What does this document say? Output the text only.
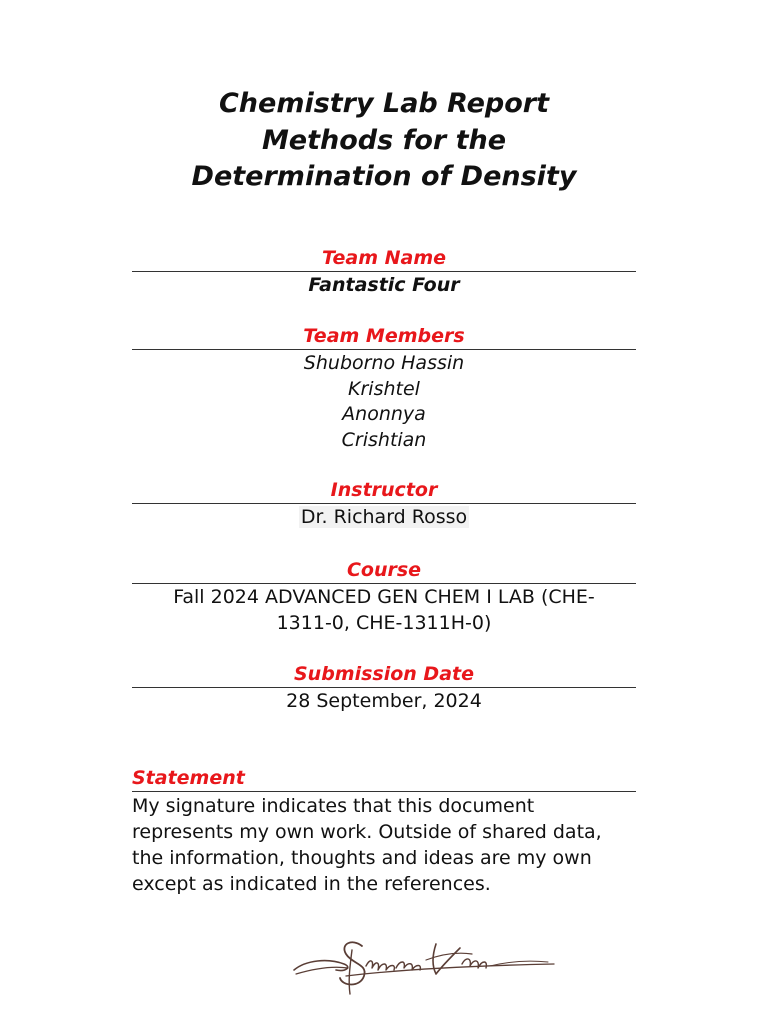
Chemistry Lab Report
Methods for the
Determination of Density
Team Name
Fantastic Four
Team Members
Shuborno Hassin
Krishtel
Anonnya
Crishtian
Instructor
Dr. Richard Rosso
Course
Fall 2024 ADVANCED GEN CHEM I LAB (CHE-
1311-0, CHE-1311H-0)
Submission Date
28 September, 2024
Statement
My signature indicates that this document
represents my own work. Outside of shared data,
the information, thoughts and ideas are my own
except as indicated in the references.
